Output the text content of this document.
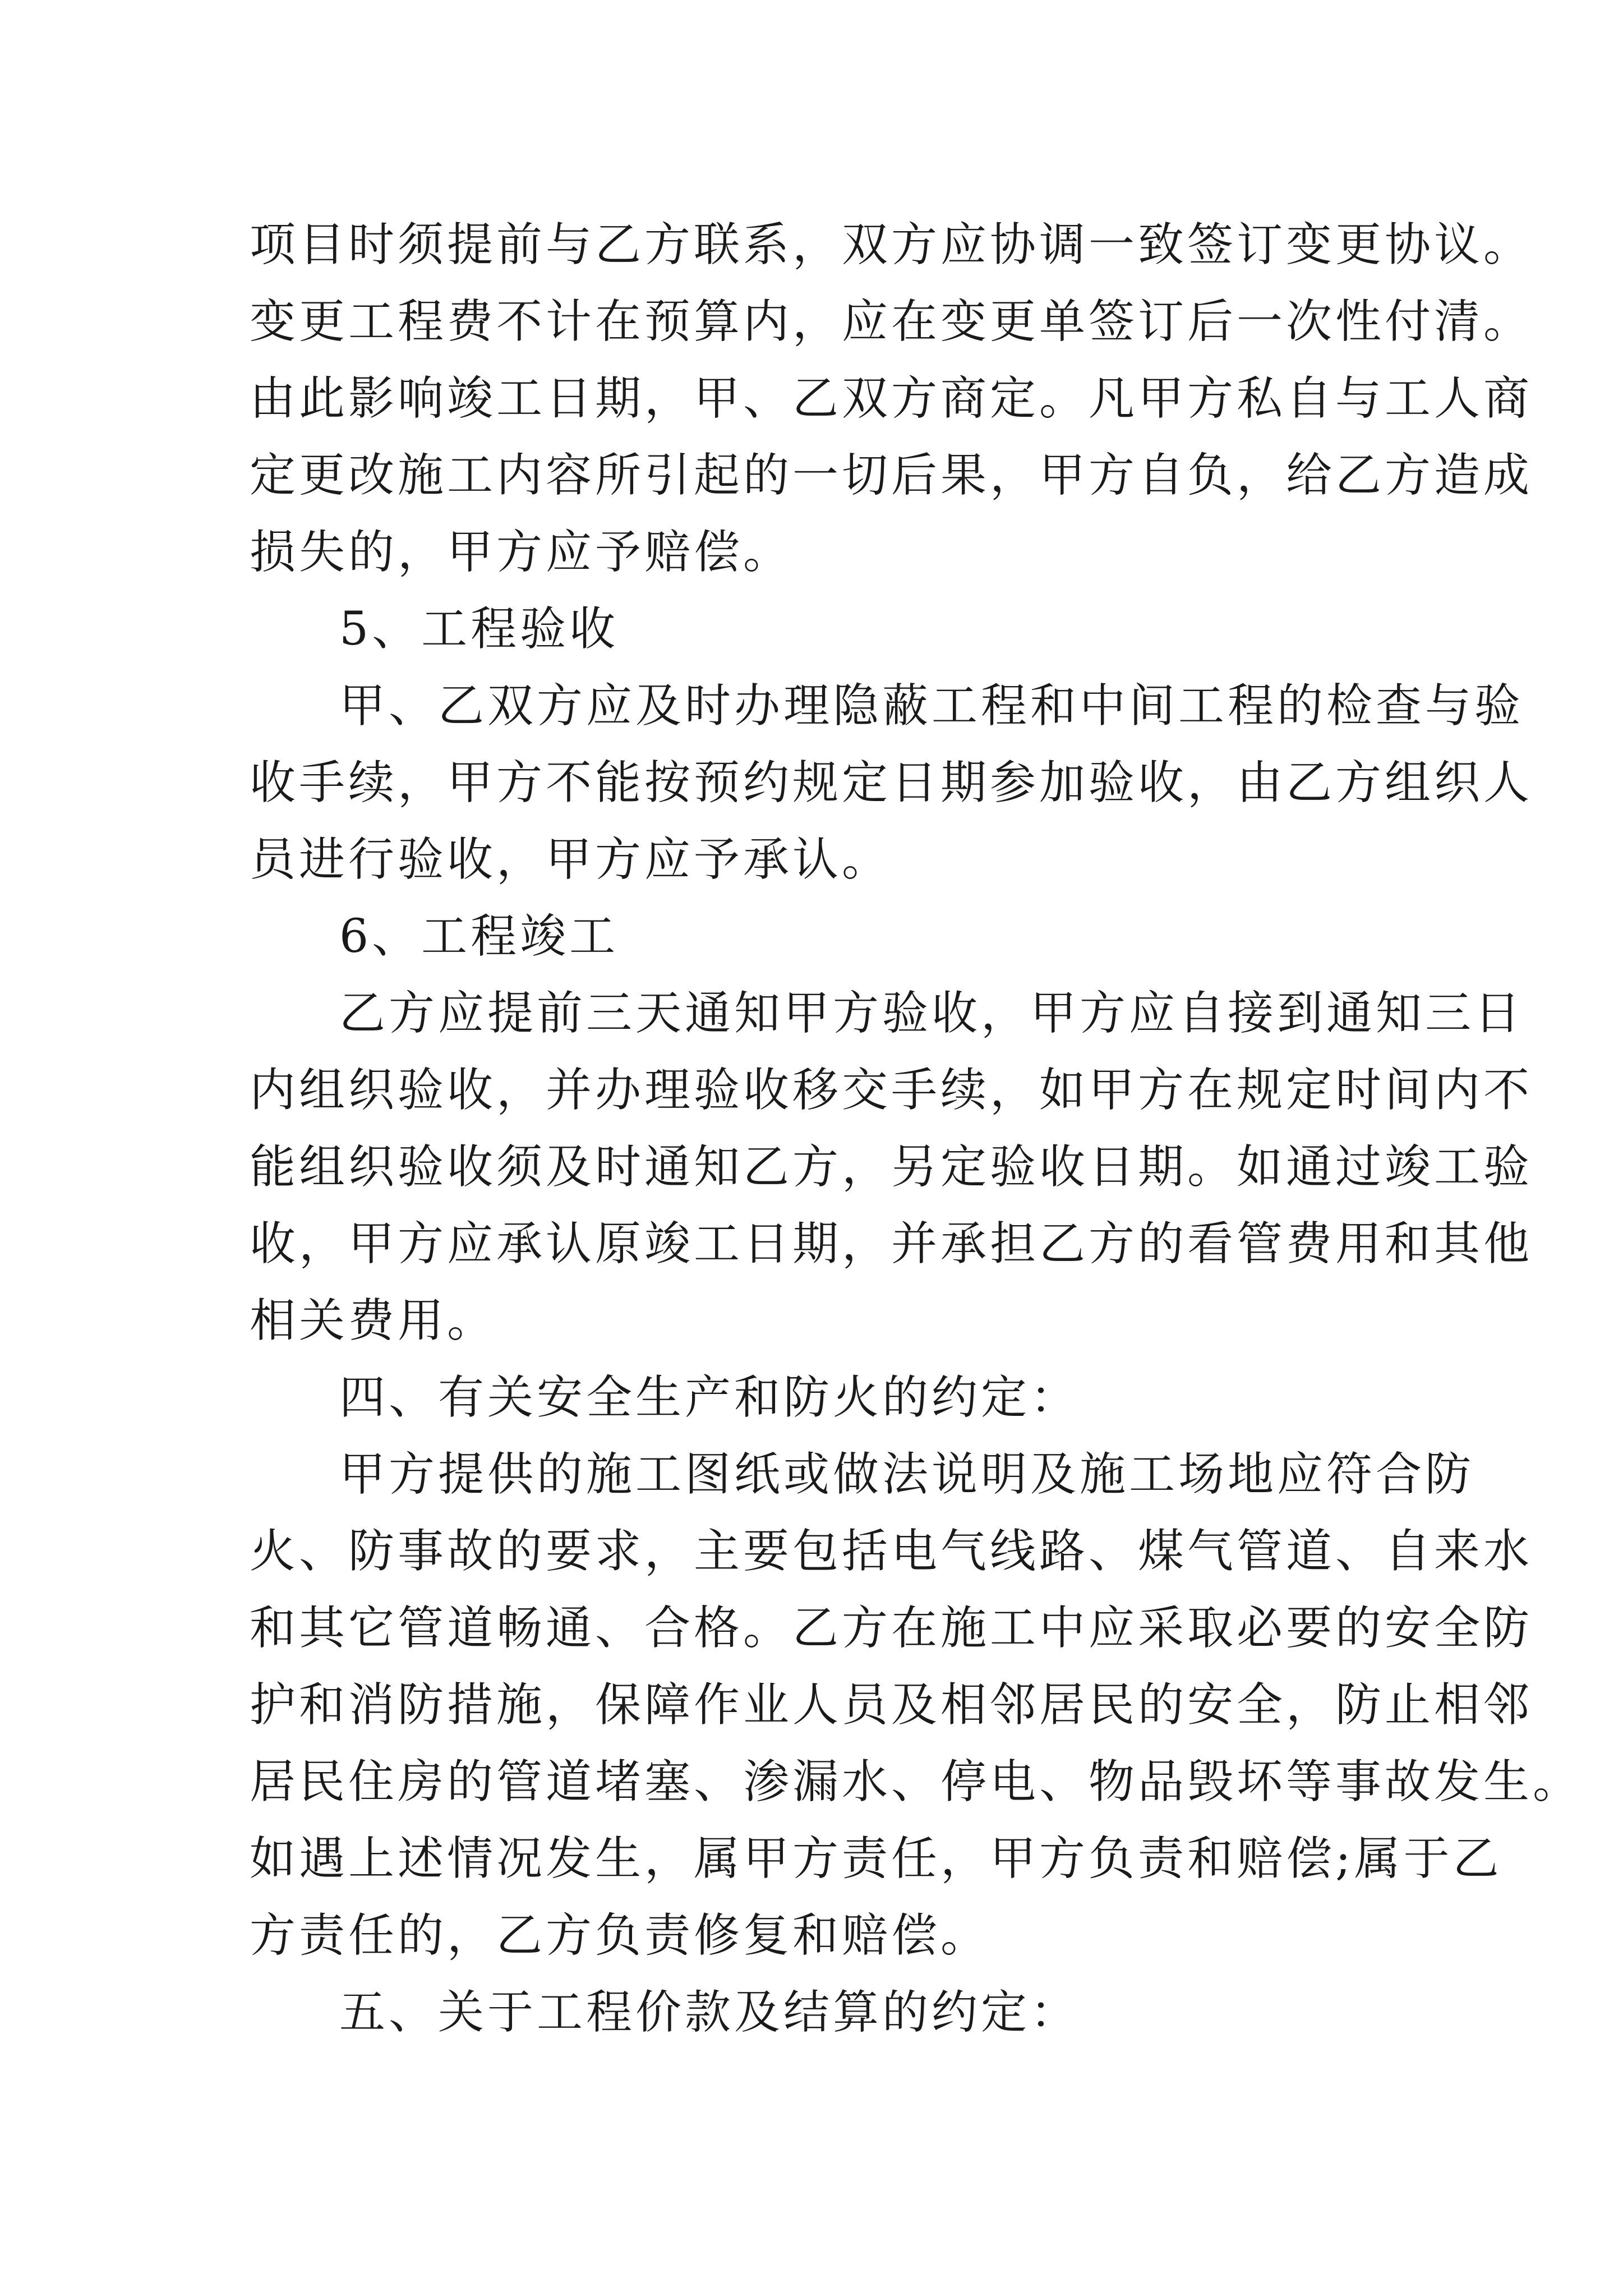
项目时须提前与乙方联系，双方应协调一致签订变更协议。
变更工程费不计在预算内，应在变更单签订后一次性付清。
由此影响竣工日期，甲、乙双方商定。凡甲方私自与工人商
定更改施工内容所引起的一切后果，甲方自负，给乙方造成
损失的，甲方应予赔偿。
5、工程验收
甲、乙双方应及时办理隐蔽工程和中间工程的检查与验
收手续，甲方不能按预约规定日期参加验收，由乙方组织人
员进行验收，甲方应予承认。
6、工程竣工
乙方应提前三天通知甲方验收，甲方应自接到通知三日
内组织验收，并办理验收移交手续，如甲方在规定时间内不
能组织验收须及时通知乙方，另定验收日期。如通过竣工验
收，甲方应承认原竣工日期，并承担乙方的看管费用和其他
相关费用。
四、有关安全生产和防火的约定：
甲方提供的施工图纸或做法说明及施工场地应符合防
火、防事故的要求，主要包括电气线路、煤气管道、自来水
和其它管道畅通、合格。乙方在施工中应采取必要的安全防
护和消防措施，保障作业人员及相邻居民的安全，防止相邻
居民住房的管道堵塞、渗漏水、停电、物品毁坏等事故发生。
如遇上述情况发生，属甲方责任，甲方负责和赔偿;属于乙
方责任的，乙方负责修复和赔偿。
五、关于工程价款及结算的约定：
